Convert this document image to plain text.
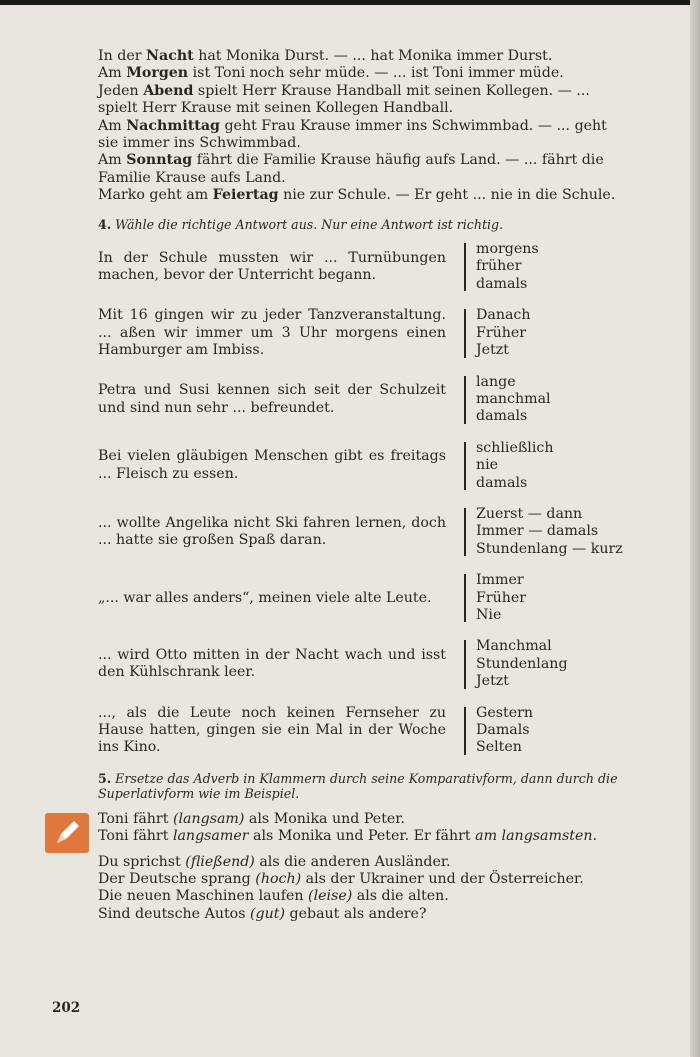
In der Nacht hat Monika Durst. — ... hat Monika immer Durst.
Am Morgen ist Toni noch sehr müde. — ... ist Toni immer müde.
Jeden Abend spielt Herr Krause Handball mit seinen Kollegen. — ...
spielt Herr Krause mit seinen Kollegen Handball.
Am Nachmittag geht Frau Krause immer ins Schwimmbad. — ... geht
sie immer ins Schwimmbad.
Am Sonntag fährt die Familie Krause häufig aufs Land. — ... fährt die
Familie Krause aufs Land.
Marko geht am Feiertag nie zur Schule. — Er geht ... nie in die Schule.
4. Wähle die richtige Antwort aus. Nur eine Antwort ist richtig.
In der Schule mussten wir ... Turnübungen machen, bevor der Unterricht begann.
morgens
früher
damals
Mit 16 gingen wir zu jeder Tanzveranstaltung. ... aßen wir immer um 3 Uhr morgens einen Hamburger am Imbiss.
Danach
Früher
Jetzt
Petra und Susi kennen sich seit der Schulzeit und sind nun sehr ... befreundet.
lange
manchmal
damals
Bei vielen gläubigen Menschen gibt es freitags ... Fleisch zu essen.
schließlich
nie
damals
... wollte Angelika nicht Ski fahren lernen, doch ... hatte sie großen Spaß daran.
Zuerst — dann
Immer — damals
Stundenlang — kurz
„... war alles anders“, meinen viele alte Leute.
Immer
Früher
Nie
... wird Otto mitten in der Nacht wach und isst den Kühlschrank leer.
Manchmal
Stundenlang
Jetzt
..., als die Leute noch keinen Fernseher zu Hause hatten, gingen sie ein Mal in der Woche ins Kino.
Gestern
Damals
Selten
5. Ersetze das Adverb in Klammern durch seine Komparativform, dann durch die Superlativform wie im Beispiel.
Toni fährt (langsam) als Monika und Peter.
Toni fährt langsamer als Monika und Peter. Er fährt am langsamsten.
Du sprichst (fließend) als die anderen Ausländer.
Der Deutsche sprang (hoch) als der Ukrainer und der Österreicher.
Die neuen Maschinen laufen (leise) als die alten.
Sind deutsche Autos (gut) gebaut als andere?
202
